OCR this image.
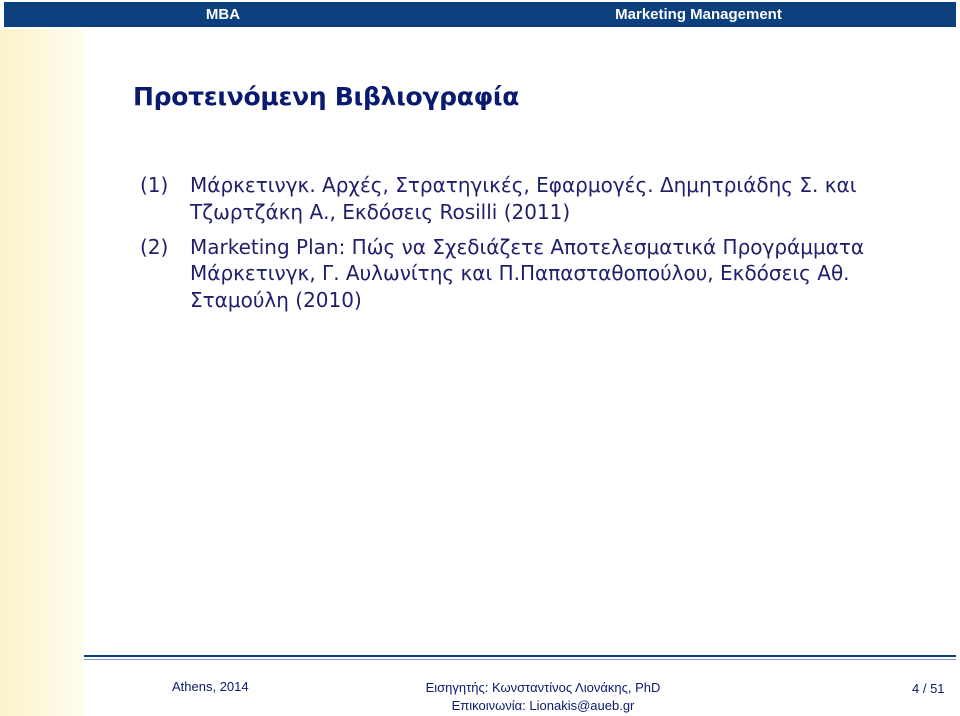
MBA	Marketing Management
Προτεινόμενη Βιβλιογραφία
(1) Μάρκετινγκ. Αρχές, Στρατηγικές, Εφαρμογές. Δημητριάδης Σ. και Τζωρτζάκη Α., Εκδόσεις Rosilli (2011)
(2) Marketing Plan: Πώς να Σχεδιάζετε Αποτελεσματικά Προγράμματα Μάρκετινγκ, Γ. Αυλωνίτης και Π.Παπασταθοπούλου, Εκδόσεις Αθ. Σταμούλη (2010)
Athens, 2014	Εισηγητής: Κωνσταντίνος Λιονάκης, PhD
Επικοινωνία: Lionakis@aueb.gr
4 / 51
